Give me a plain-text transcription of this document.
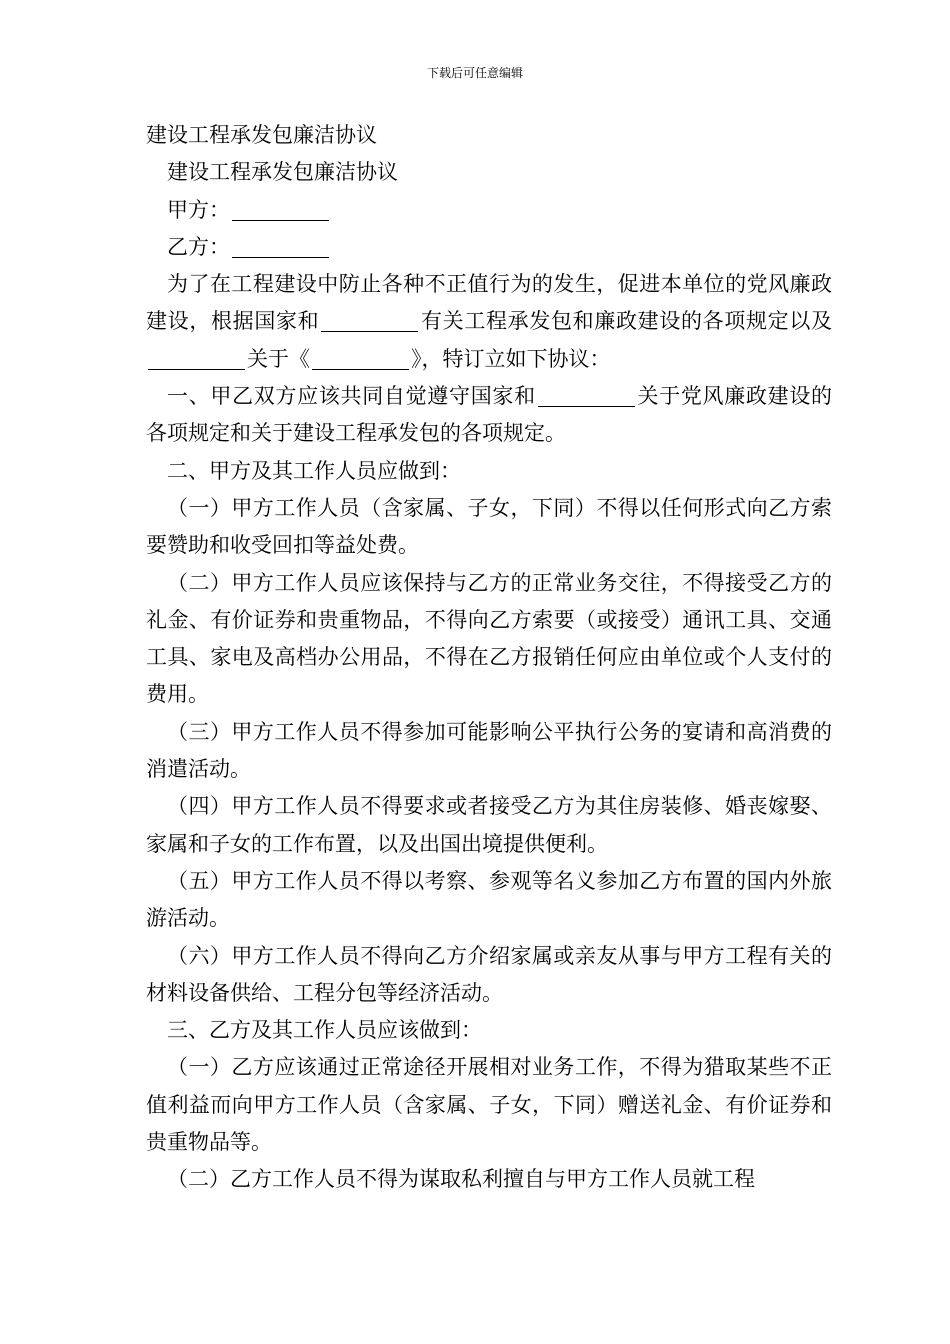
下载后可任意编辑

建设工程承发包廉洁协议

建设工程承发包廉洁协议

甲方：

乙方：

为了在工程建设中防止各种不正值行为的发生，促进本单位的党风廉政建设，根据国家和	有关工程承发包和廉政建设的各项规定以及关于《	》，特订立如下协议：

一、甲乙双方应该共同自觉遵守国家和	关于党风廉政建设的各项规定和关于建设工程承发包的各项规定。

二、甲方及其工作人员应做到：

（一）甲方工作人员（含家属、子女，下同）不得以任何形式向乙方索要赞助和收受回扣等益处费。

（二）甲方工作人员应该保持与乙方的正常业务交往，不得接受乙方的礼金、有价证券和贵重物品，不得向乙方索要（或接受）通讯工具、交通工具、家电及高档办公用品，不得在乙方报销任何应由单位或个人支付的费用。

（三）甲方工作人员不得参加可能影响公平执行公务的宴请和高消费的消遣活动。

（四）甲方工作人员不得要求或者接受乙方为其住房装修、婚丧嫁娶、家属和子女的工作布置，以及出国出境提供便利。

（五）甲方工作人员不得以考察、参观等名义参加乙方布置的国内外旅游活动。

（六）甲方工作人员不得向乙方介绍家属或亲友从事与甲方工程有关的材料设备供给、工程分包等经济活动。

三、乙方及其工作人员应该做到：

（一）乙方应该通过正常途径开展相对业务工作，不得为猎取某些不正值利益而向甲方工作人员（含家属、子女，下同）赠送礼金、有价证券和贵重物品等。

（二）乙方工作人员不得为谋取私利擅自与甲方工作人员就工程
